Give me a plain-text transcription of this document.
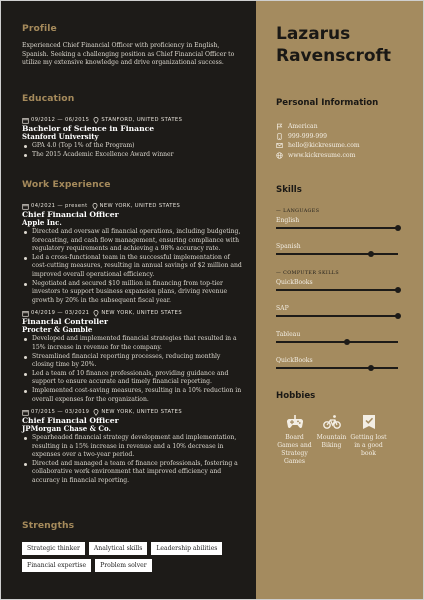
Profile
Experienced Chief Financial Officer with proficiency in English, Spanish. Seeking a challenging position as Chief Financial Officer to utilize my extensive knowledge and drive organizational success.
Education
09/2012 — 06/2015 STANFORD, UNITED STATES
Bachelor of Science in Finance
Stanford University
GPA 4.0 (Top 1% of the Program)
The 2015 Academic Excellence Award winner
Work Experience
04/2021 — present NEW YORK, UNITED STATES
Chief Financial Officer
Apple Inc.
Directed and oversaw all financial operations, including budgeting, forecasting, and cash flow management, ensuring compliance with regulatory requirements and achieving a 98% accuracy rate.
Led a cross-functional team in the successful implementation of cost-cutting measures, resulting in annual savings of $2 million and improved overall operational efficiency.
Negotiated and secured $10 million in financing from top-tier investors to support business expansion plans, driving revenue growth by 20% in the subsequent fiscal year.
04/2019 — 03/2021 NEW YORK, UNITED STATES
Financial Controller
Procter & Gamble
Developed and implemented financial strategies that resulted in a 15% increase in revenue for the company.
Streamlined financial reporting processes, reducing monthly closing time by 20%.
Led a team of 10 finance professionals, providing guidance and support to ensure accurate and timely financial reporting.
Implemented cost-saving measures, resulting in a 10% reduction in overall expenses for the organization.
07/2015 — 03/2019 NEW YORK, UNITED STATES
Chief Financial Officer
JPMorgan Chase & Co.
Spearheaded financial strategy development and implementation, resulting in a 15% increase in revenue and a 10% decrease in expenses over a two-year period.
Directed and managed a team of finance professionals, fostering a collaborative work environment that improved efficiency and accuracy in financial reporting.
Strengths
Strategic thinker	Analytical skills	Leadership abilities
Financial expertise	Problem solver
Lazarus
Ravenscroft
Personal Information
American
999-999-999
hello@kickresume.com
www.kickresume.com
Skills
— LANGUAGES
English
Spanish
— COMPUTER SKILLS
QuickBooks
SAP
Tableau
QuickBooks
Hobbies
Board Games and Strategy Games
Mountain Biking
Getting lost in a good book
